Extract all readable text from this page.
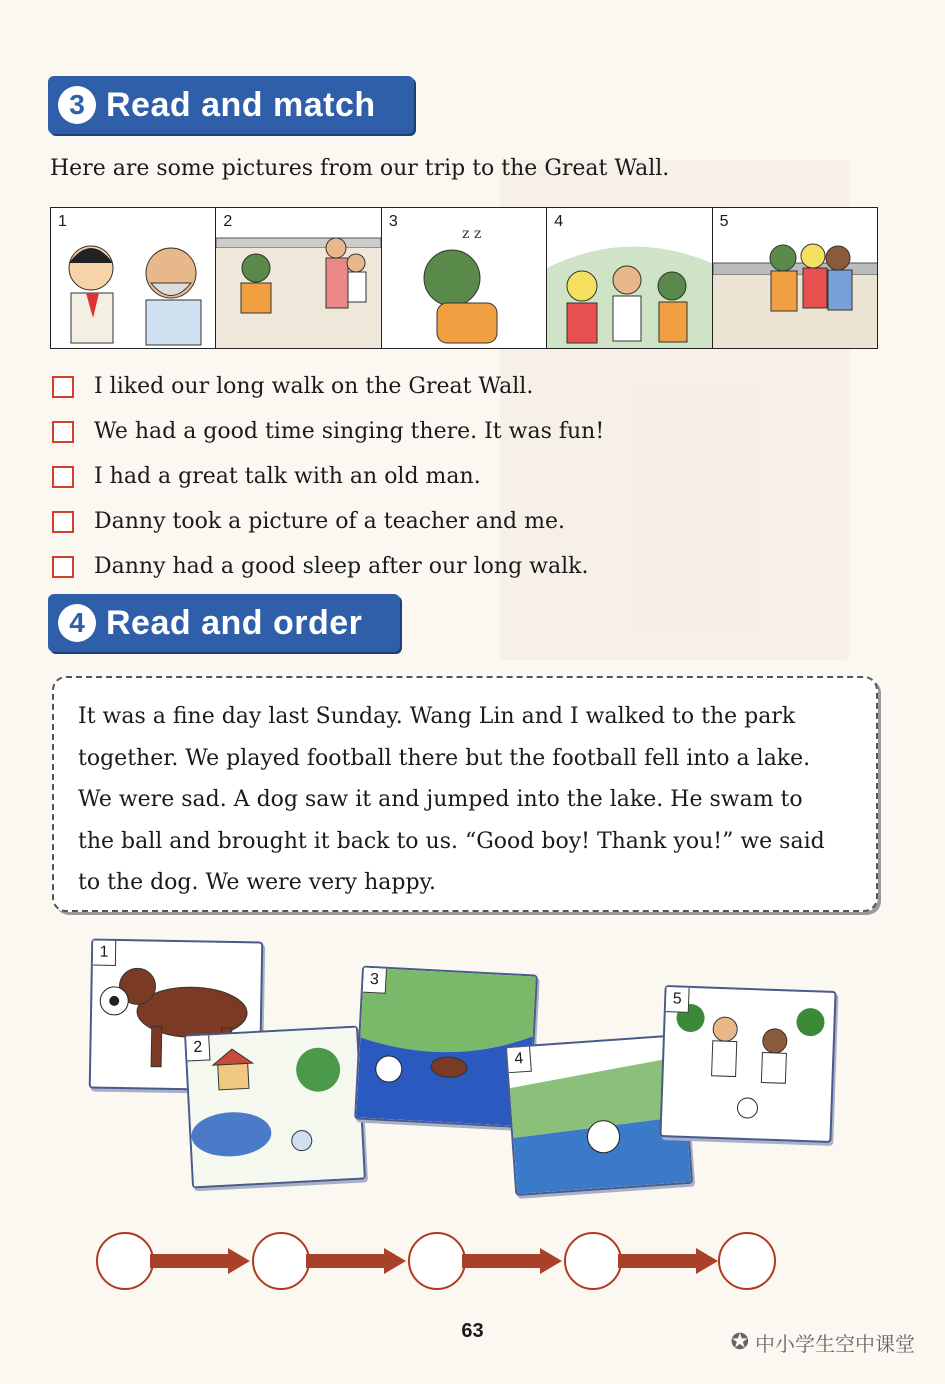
3 Read and match
Here are some pictures from our trip to the Great Wall.
1	2
z z
3	4	5
I liked our long walk on the Great Wall.
We had a good time singing there. It was fun!
I had a great talk with an old man.
Danny took a picture of a teacher and me.
Danny had a good sleep after our long walk.
4 Read and order

It was a fine day last Sunday. Wang Lin and I walked to the park

together. We played football there but the football fell into a lake.

We were sad. A dog saw it and jumped into the lake. He swam to

the ball and brought it back to us. “Good boy! Thank you!” we said

to the dog. We were very happy.

1
2
3
4
5
63	✪ 中小学生空中课堂
